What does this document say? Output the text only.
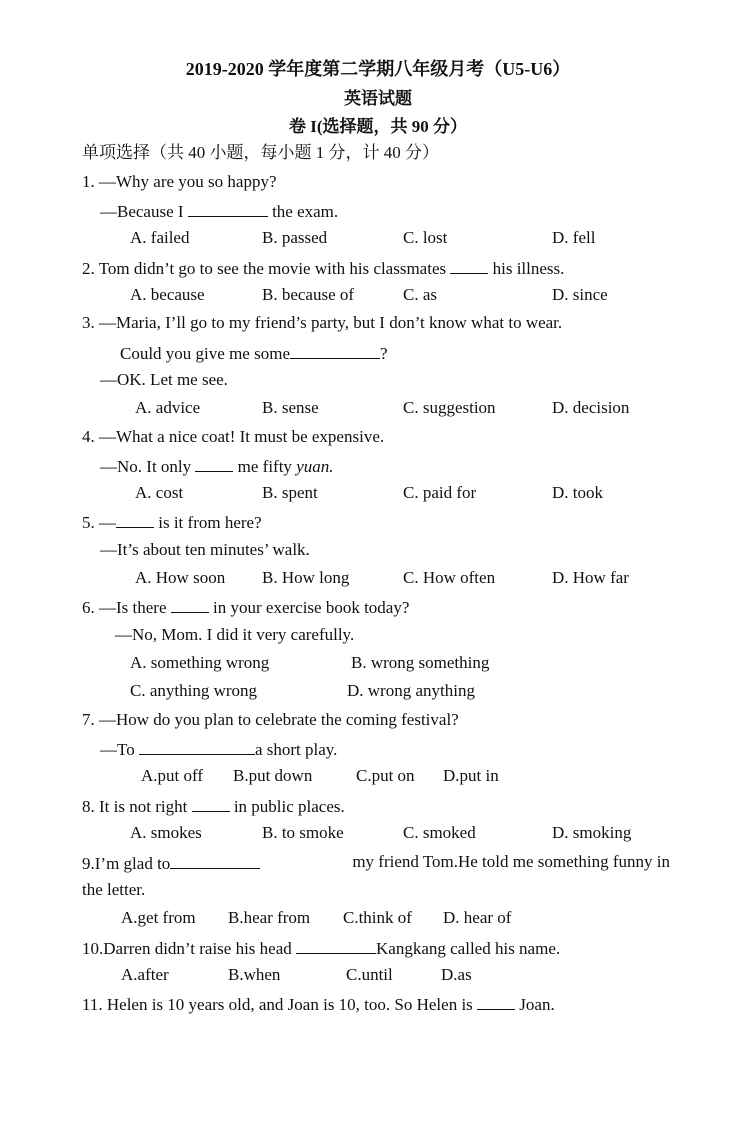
2019-2020 学年度第二学期八年级月考（U5-U6）
英语试题
卷 I(选择题，共 90 分）
单项选择（共 40 小题，每小题 1 分，计 40 分）
1. —Why are you so happy?
—Because I	the exam.
A. failed	B. passed	C. lost	D. fell
2. Tom didn’t go to see the movie with his classmates	his illness.
A. because	B. because of	C. as	D. since
3. —Maria, I’ll go to my friend’s party, but I don’t know what to wear.
Could you give me some	?
—OK. Let me see.
A. advice	B. sense	C. suggestion	D. decision
4. —What a nice coat! It must be expensive.
—No. It only	me fifty yuan.
A. cost	B. spent	C. paid for	D. took
5. — is it from here?
—It’s about ten minutes’ walk.
A. How soon B. How long	C. How often	D. How far
6. —Is there	in your exercise book today?
—No, Mom. I did it very carefully.
A. something wrong	B. wrong something
C. anything wrong	D. wrong anything
7. —How do you plan to celebrate the coming festival?
—To	a short play.
A.put off B.put down	C.put on D.put in
8. It is not right	in public places.
A. smokes	B. to smoke	C. smoked	D. smoking
9.I’m glad to	my friend Tom.He told me something funny in
the letter.
A.get from B.hear from C.think of D. hear of
10.Darren didn’t raise his head	Kangkang called his name.
A.after	B.when	C.until	D.as
11. Helen is 10 years old, and Joan is 10, too. So Helen is	Joan.
